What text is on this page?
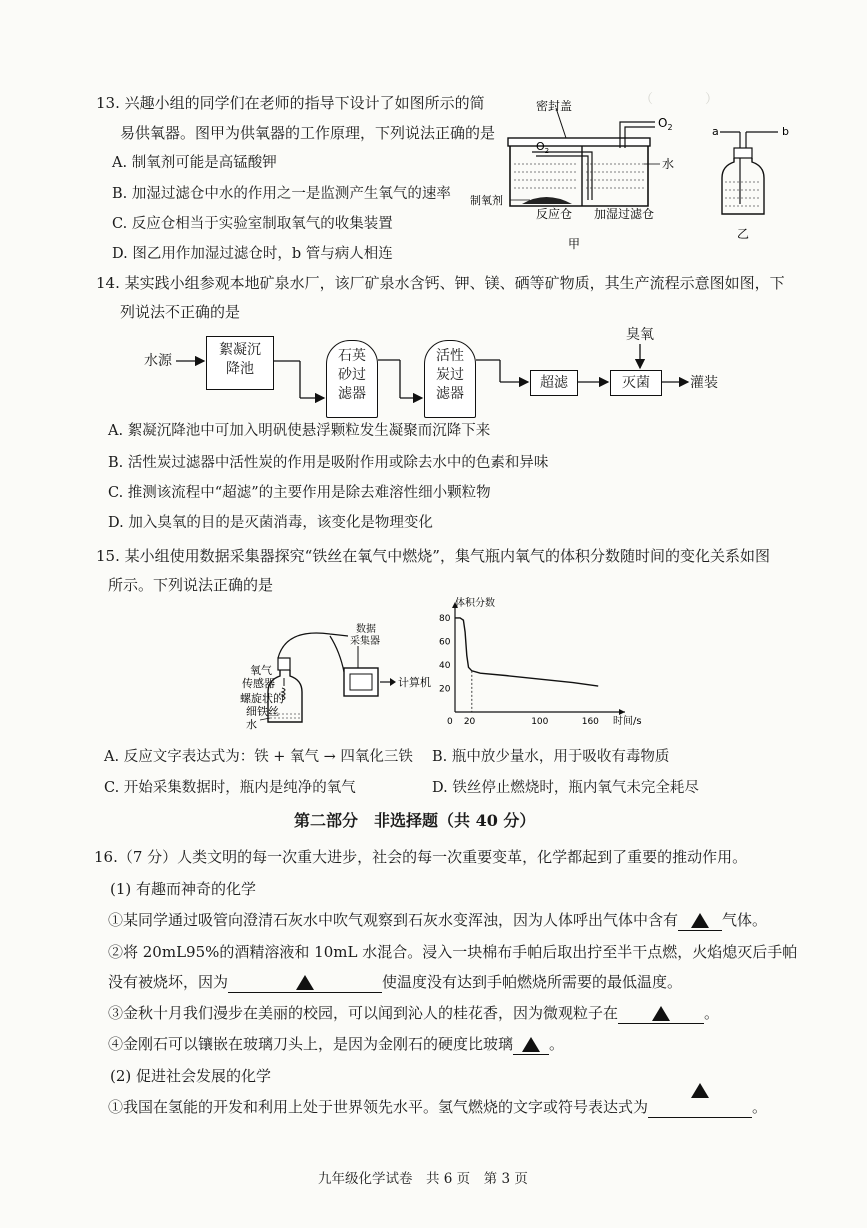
（　　　　）
13. 兴趣小组的同学们在老师的指导下设计了如图所示的简
易供氧器。图甲为供氧器的工作原理，下列说法正确的是
A. 制氧剂可能是高锰酸钾
B. 加湿过滤仓中水的作用之一是监测产生氧气的速率
C. 反应仓相当于实验室制取氧气的收集装置
D. 图乙用作加湿过滤仓时，b 管与病人相连
密封盖
$O_2$
$O_2$
水
制氧剂
反应仓 加湿过滤仓
甲
a	b
乙
14. 某实践小组参观本地矿泉水厂，该厂矿泉水含钙、钾、镁、硒等矿物质，其生产流程示意图如图，下
列说法不正确的是
水源
絮凝沉
降池
石英
砂过
滤器
活性
炭过
滤器
超滤
臭氧
灭菌	灌装
A. 絮凝沉降池中可加入明矾使悬浮颗粒发生凝聚而沉降下来
B. 活性炭过滤器中活性炭的作用是吸附作用或除去水中的色素和异味
C. 推测该流程中“超滤”的主要作用是除去难溶性细小颗粒物
D. 加入臭氧的目的是灭菌消毒，该变化是物理变化
15. 某小组使用数据采集器探究“铁丝在氧气中燃烧”，集气瓶内氧气的体积分数随时间的变化关系如图
所示。下列说法正确的是
氧气
传感器
螺旋状的
细铁丝
水
数据
采集器
计算机
体积分数
时间/s
20
40
60
80
0 20	100	160
A. 反应文字表达式为：铁 + 氧气 → 四氧化三铁 B. 瓶中放少量水，用于吸收有毒物质
C. 开始采集数据时，瓶内是纯净的氧气	D. 铁丝停止燃烧时，瓶内氧气未完全耗尽
第二部分　非选择题（共 40 分）
16.（7 分）人类文明的每一次重大进步，社会的每一次重要变革，化学都起到了重要的推动作用。
(1) 有趣而神奇的化学
①某同学通过吸管向澄清石灰水中吹气观察到石灰水变浑浊，因为人体呼出气体中含有	气体。
②将 20mL95%的酒精溶液和 10mL 水混合。浸入一块棉布手帕后取出拧至半干点燃，火焰熄灭后手帕
没有被烧坏，因为	使温度没有达到手帕燃烧所需要的最低温度。
③金秋十月我们漫步在美丽的校园，可以闻到沁人的桂花香，因为微观粒子在	。
④金刚石可以镶嵌在玻璃刀头上，是因为金刚石的硬度比玻璃 。
(2) 促进社会发展的化学
①我国在氢能的开发和利用上处于世界领先水平。氢气燃烧的文字或符号表达式为	。
九年级化学试卷　共 6 页　第 3 页
